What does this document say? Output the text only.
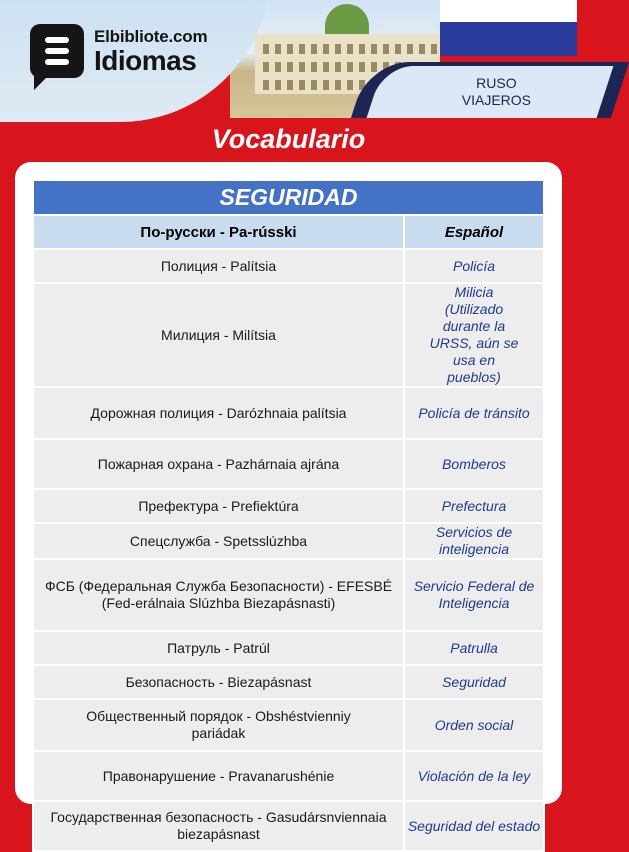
Elbibliote.com
Idiomas
RUSO
VIAJEROS
Vocabulario
SEGURIDAD	
По-русски - Pa-rússki	Español
Полиция - Palítsia	Policía
Милиция - Milítsia	Milicia (Utilizado durante la URSS, aún se usa en pueblos)
Дорожная полиция - Darózhnaia palítsia	Policía de tránsito
Пожарная охрана - Pazhárnaia ajrána	Bomberos
Префектура - Prefiektúra	Prefectura
Спецслужба - Spetsslúzhba	Servicios de inteligencia
ФСБ (Федеральная Служба Безопасности) - EFESBÉ (Fed-erálnaia Slúzhba Biezapásnasti)	Servicio Federal de Inteligencia
Патруль - Patrúl	Patrulla
Безопасность - Biezapásnast	Seguridad
Общественный порядок - Obshéstvienniy pariádak	Orden social
Правонарушение - Pravanarushénie	Violación de la ley
Государственная безопасность - Gasudársnviennaia biezapásnast	Seguridad del estado
